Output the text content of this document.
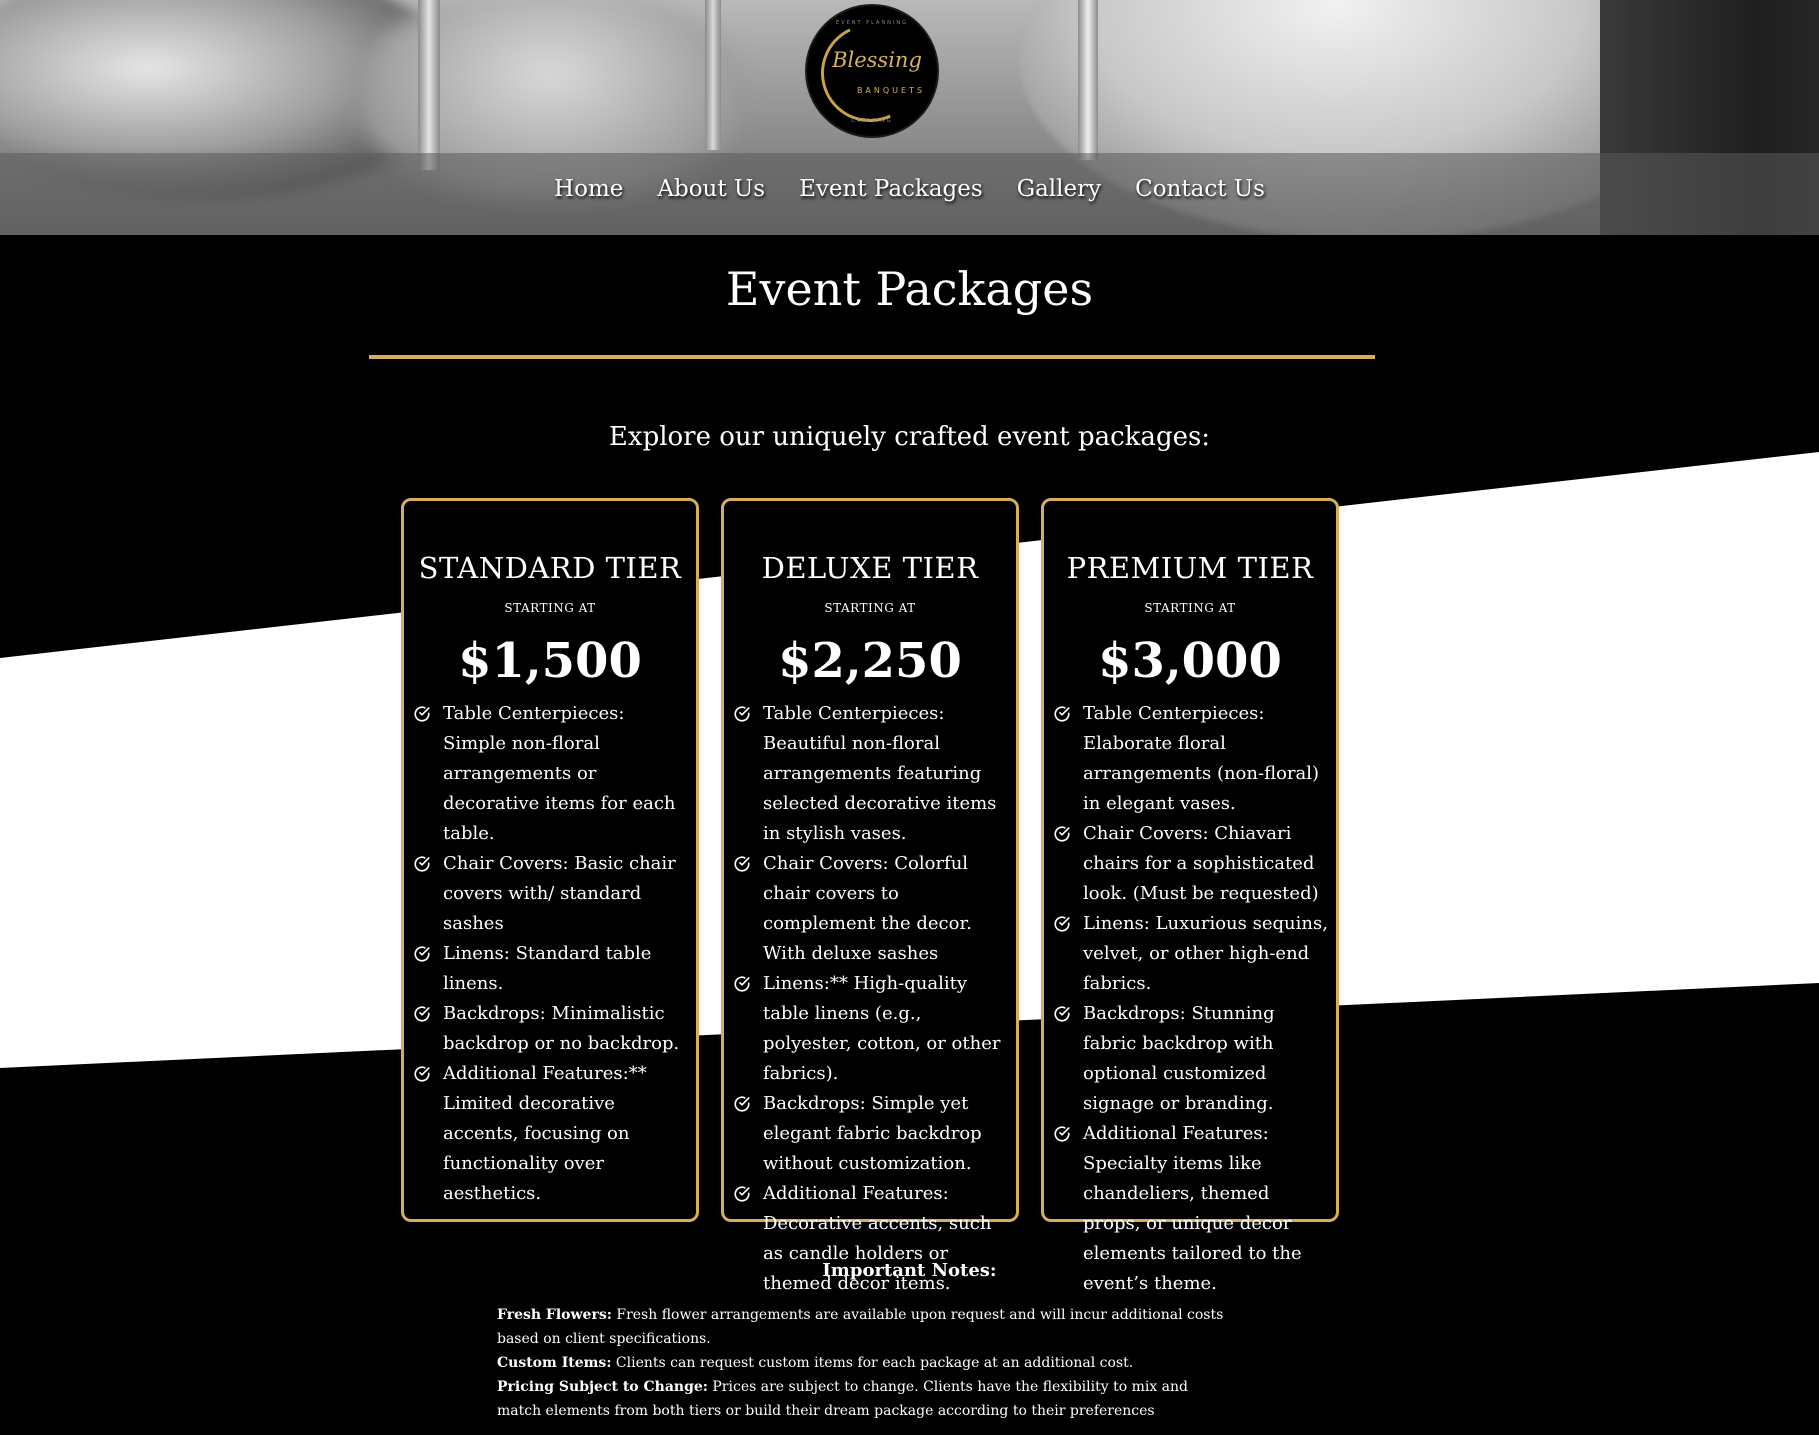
EVENT PLANNING
Blessing
BANQUETS
CATERING
Home About Us Event Packages Gallery Contact Us
Event Packages
Explore our uniquely crafted event packages:
STANDARD TIER
STARTING AT
$1,500
Table Centerpieces: Simple non-floral arrangements or decorative items for each table.
Chair Covers: Basic chair covers with/ standard sashes
Linens: Standard table linens.
Backdrops: Minimalistic backdrop or no backdrop.
Additional Features:** Limited decorative accents, focusing on functionality over aesthetics.
DELUXE TIER
STARTING AT
$2,250
Table Centerpieces: Beautiful non-floral arrangements featuring selected decorative items in stylish vases.
Chair Covers: Colorful chair covers to complement the decor. With deluxe sashes
Linens:** High-quality table linens (e.g., polyester, cotton, or other fabrics).
Backdrops: Simple yet elegant fabric backdrop without customization.
Additional Features: Decorative accents, such as candle holders or themed decor items.
PREMIUM TIER
STARTING AT
$3,000
Table Centerpieces: Elaborate floral arrangements (non-floral) in elegant vases.
Chair Covers: Chiavari chairs for a sophisticated look. (Must be requested)
Linens: Luxurious sequins, velvet, or other high-end fabrics.
Backdrops: Stunning fabric backdrop with optional customized signage or branding.
Additional Features: Specialty items like chandeliers, themed props, or unique decor elements tailored to the event’s theme.
Important Notes:

Fresh Flowers: Fresh flower arrangements are available upon request and will incur additional costs based on client specifications.

Custom Items: Clients can request custom items for each package at an additional cost.

Pricing Subject to Change: Prices are subject to change. Clients have the flexibility to mix and match elements from both tiers or build their dream package according to their preferences
